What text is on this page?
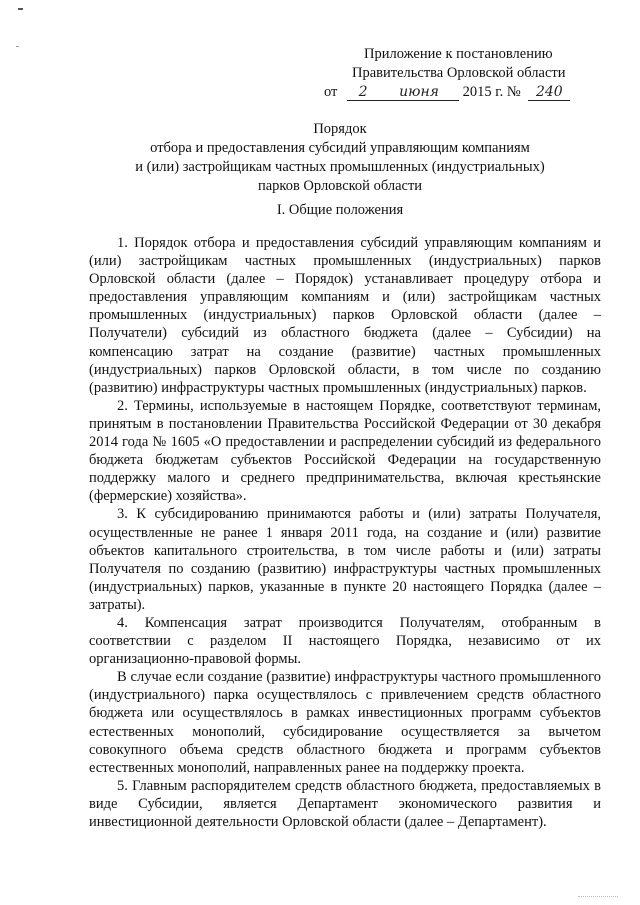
Приложение к постановлению
Правительства Орловской области
от 2 июня 2015 г. № 240
Порядок
отбора и предоставления субсидий управляющим компаниям
и (или) застройщикам частных промышленных (индустриальных)
парков Орловской области
I. Общие положения

1. Порядок отбора и предоставления субсидий управляющим компаниям и (или) застройщикам частных промышленных (индустриальных) парков Орловской области (далее – Порядок) устанавливает процедуру отбора и предоставления управляющим компаниям и (или) застройщикам частных промышленных (индустриальных) парков Орловской области (далее – Получатели) субсидий из областного бюджета (далее – Субсидии) на компенсацию затрат на создание (развитие) частных промышленных (индустриальных) парков Орловской области, в том числе по созданию (развитию) инфраструктуры частных промышленных (индустриальных) парков.

2. Термины, используемые в настоящем Порядке, соответствуют терминам, принятым в постановлении Правительства Российской Федерации от 30 декабря 2014 года № 1605 «О предоставлении и распределении субсидий из федерального бюджета бюджетам субъектов Российской Федерации на государственную поддержку малого и среднего предпринимательства, включая крестьянские (фермерские) хозяйства».

3. К субсидированию принимаются работы и (или) затраты Получателя, осуществленные не ранее 1 января 2011 года, на создание и (или) развитие объектов капитального строительства, в том числе работы и (или) затраты Получателя по созданию (развитию) инфраструктуры частных промышленных (индустриальных) парков, указанные в пункте 20 настоящего Порядка (далее – затраты).

4. Компенсация затрат производится Получателям, отобранным в соответствии с разделом II настоящего Порядка, независимо от их организационно-правовой формы.

В случае если создание (развитие) инфраструктуры частного промышленного (индустриального) парка осуществлялось с привлечением средств областного бюджета или осуществлялось в рамках инвестиционных программ субъектов естественных монополий, субсидирование осуществляется за вычетом совокупного объема средств областного бюджета и программ субъектов естественных монополий, направленных ранее на поддержку проекта.

5. Главным распорядителем средств областного бюджета, предоставляемых в виде Субсидии, является Департамент экономического развития и инвестиционной деятельности Орловской области (далее – Департамент).
